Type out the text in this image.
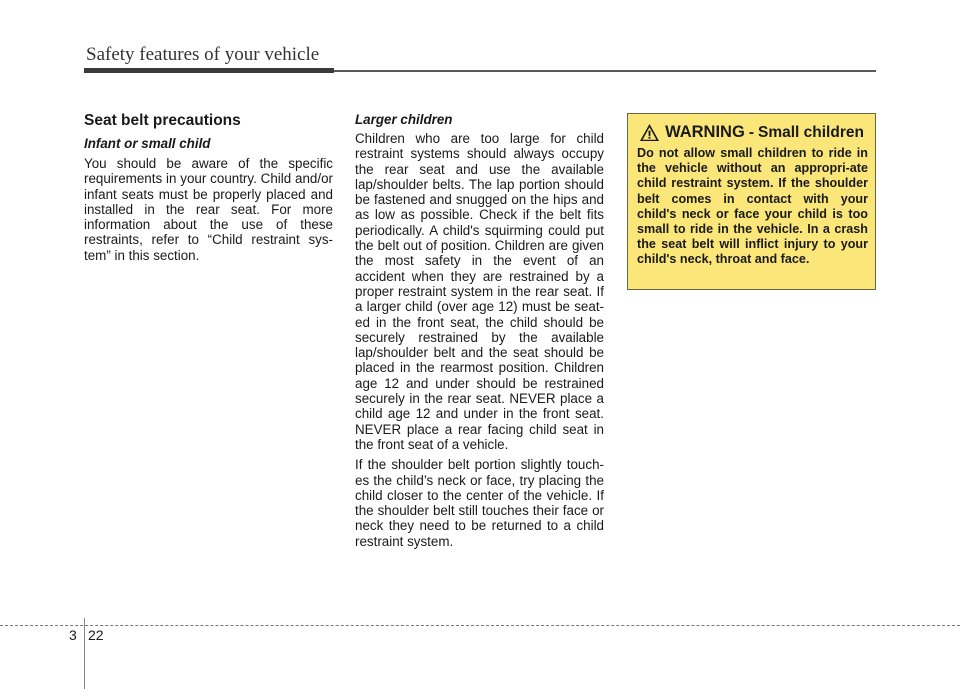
Safety features of your vehicle
Seat belt precautions
Infant or small child

You should be aware of the specific requirements in your country. Child and/or infant seats must be properly placed and installed in the rear seat. For more information about the use of these restraints, refer to “Child restraint sys-tem” in this section.

Larger children

Children who are too large for child restraint systems should always occupy the rear seat and use the available lap/shoulder belts. The lap portion should be fastened and snugged on the hips and as low as possible. Check if the belt fits periodically. A child's squirming could put the belt out of position. Children are given the most safety in the event of an accident when they are restrained by a proper restraint system in the rear seat. If a larger child (over age 12) must be seat-ed in the front seat, the child should be securely restrained by the available lap/shoulder belt and the seat should be placed in the rearmost position. Children age 12 and under should be restrained securely in the rear seat. NEVER place a child age 12 and under in the front seat. NEVER place a rear facing child seat in the front seat of a vehicle.

If the shoulder belt portion slightly touch-es the child’s neck or face, try placing the child closer to the center of the vehicle. If the shoulder belt still touches their face or neck they need to be returned to a child restraint system.

WARNING - Small children
Do not allow small children to ride in the vehicle without an appropri-ate child restraint system. If the shoulder belt comes in contact with your child's neck or face your child is too small to ride in the vehicle. In a crash the seat belt will inflict injury to your child's neck, throat and face.
3 22
